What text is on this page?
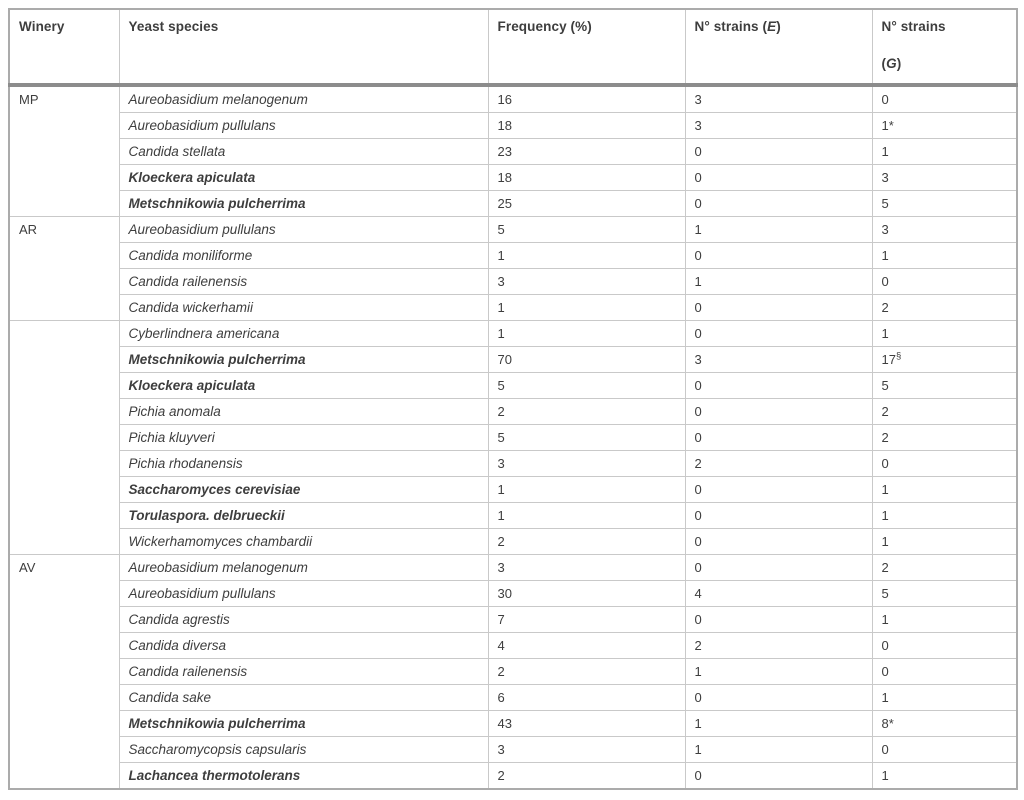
Winery	Yeast species	Frequency (%)	N° strains (E)	N° strains
(G)

MP	Aureobasidium melanogenum	16	3	0
	Aureobasidium pullulans	18	3	1*
	Candida stellata	23	0	1
	Kloeckera apiculata	18	0	3
	Metschnikowia pulcherrima	25	0	5
AR	Aureobasidium pullulans	5	1	3
	Candida moniliforme	1	0	1
	Candida railenensis	3	1	0
	Candida wickerhamii	1	0	2
	Cyberlindnera americana	1	0	1
	Metschnikowia pulcherrima	70	3	17§
	Kloeckera apiculata	5	0	5
	Pichia anomala	2	0	2
	Pichia kluyveri	5	0	2
	Pichia rhodanensis	3	2	0
	Saccharomyces cerevisiae	1	0	1
	Torulaspora. delbrueckii	1	0	1
	Wickerhamomyces chambardii	2	0	1
AV	Aureobasidium melanogenum	3	0	2
	Aureobasidium pullulans	30	4	5
	Candida agrestis	7	0	1
	Candida diversa	4	2	0
	Candida railenensis	2	1	0
	Candida sake	6	0	1
	Metschnikowia pulcherrima	43	1	8*
	Saccharomycopsis capsularis	3	1	0
	Lachancea thermotolerans	2	0	1
